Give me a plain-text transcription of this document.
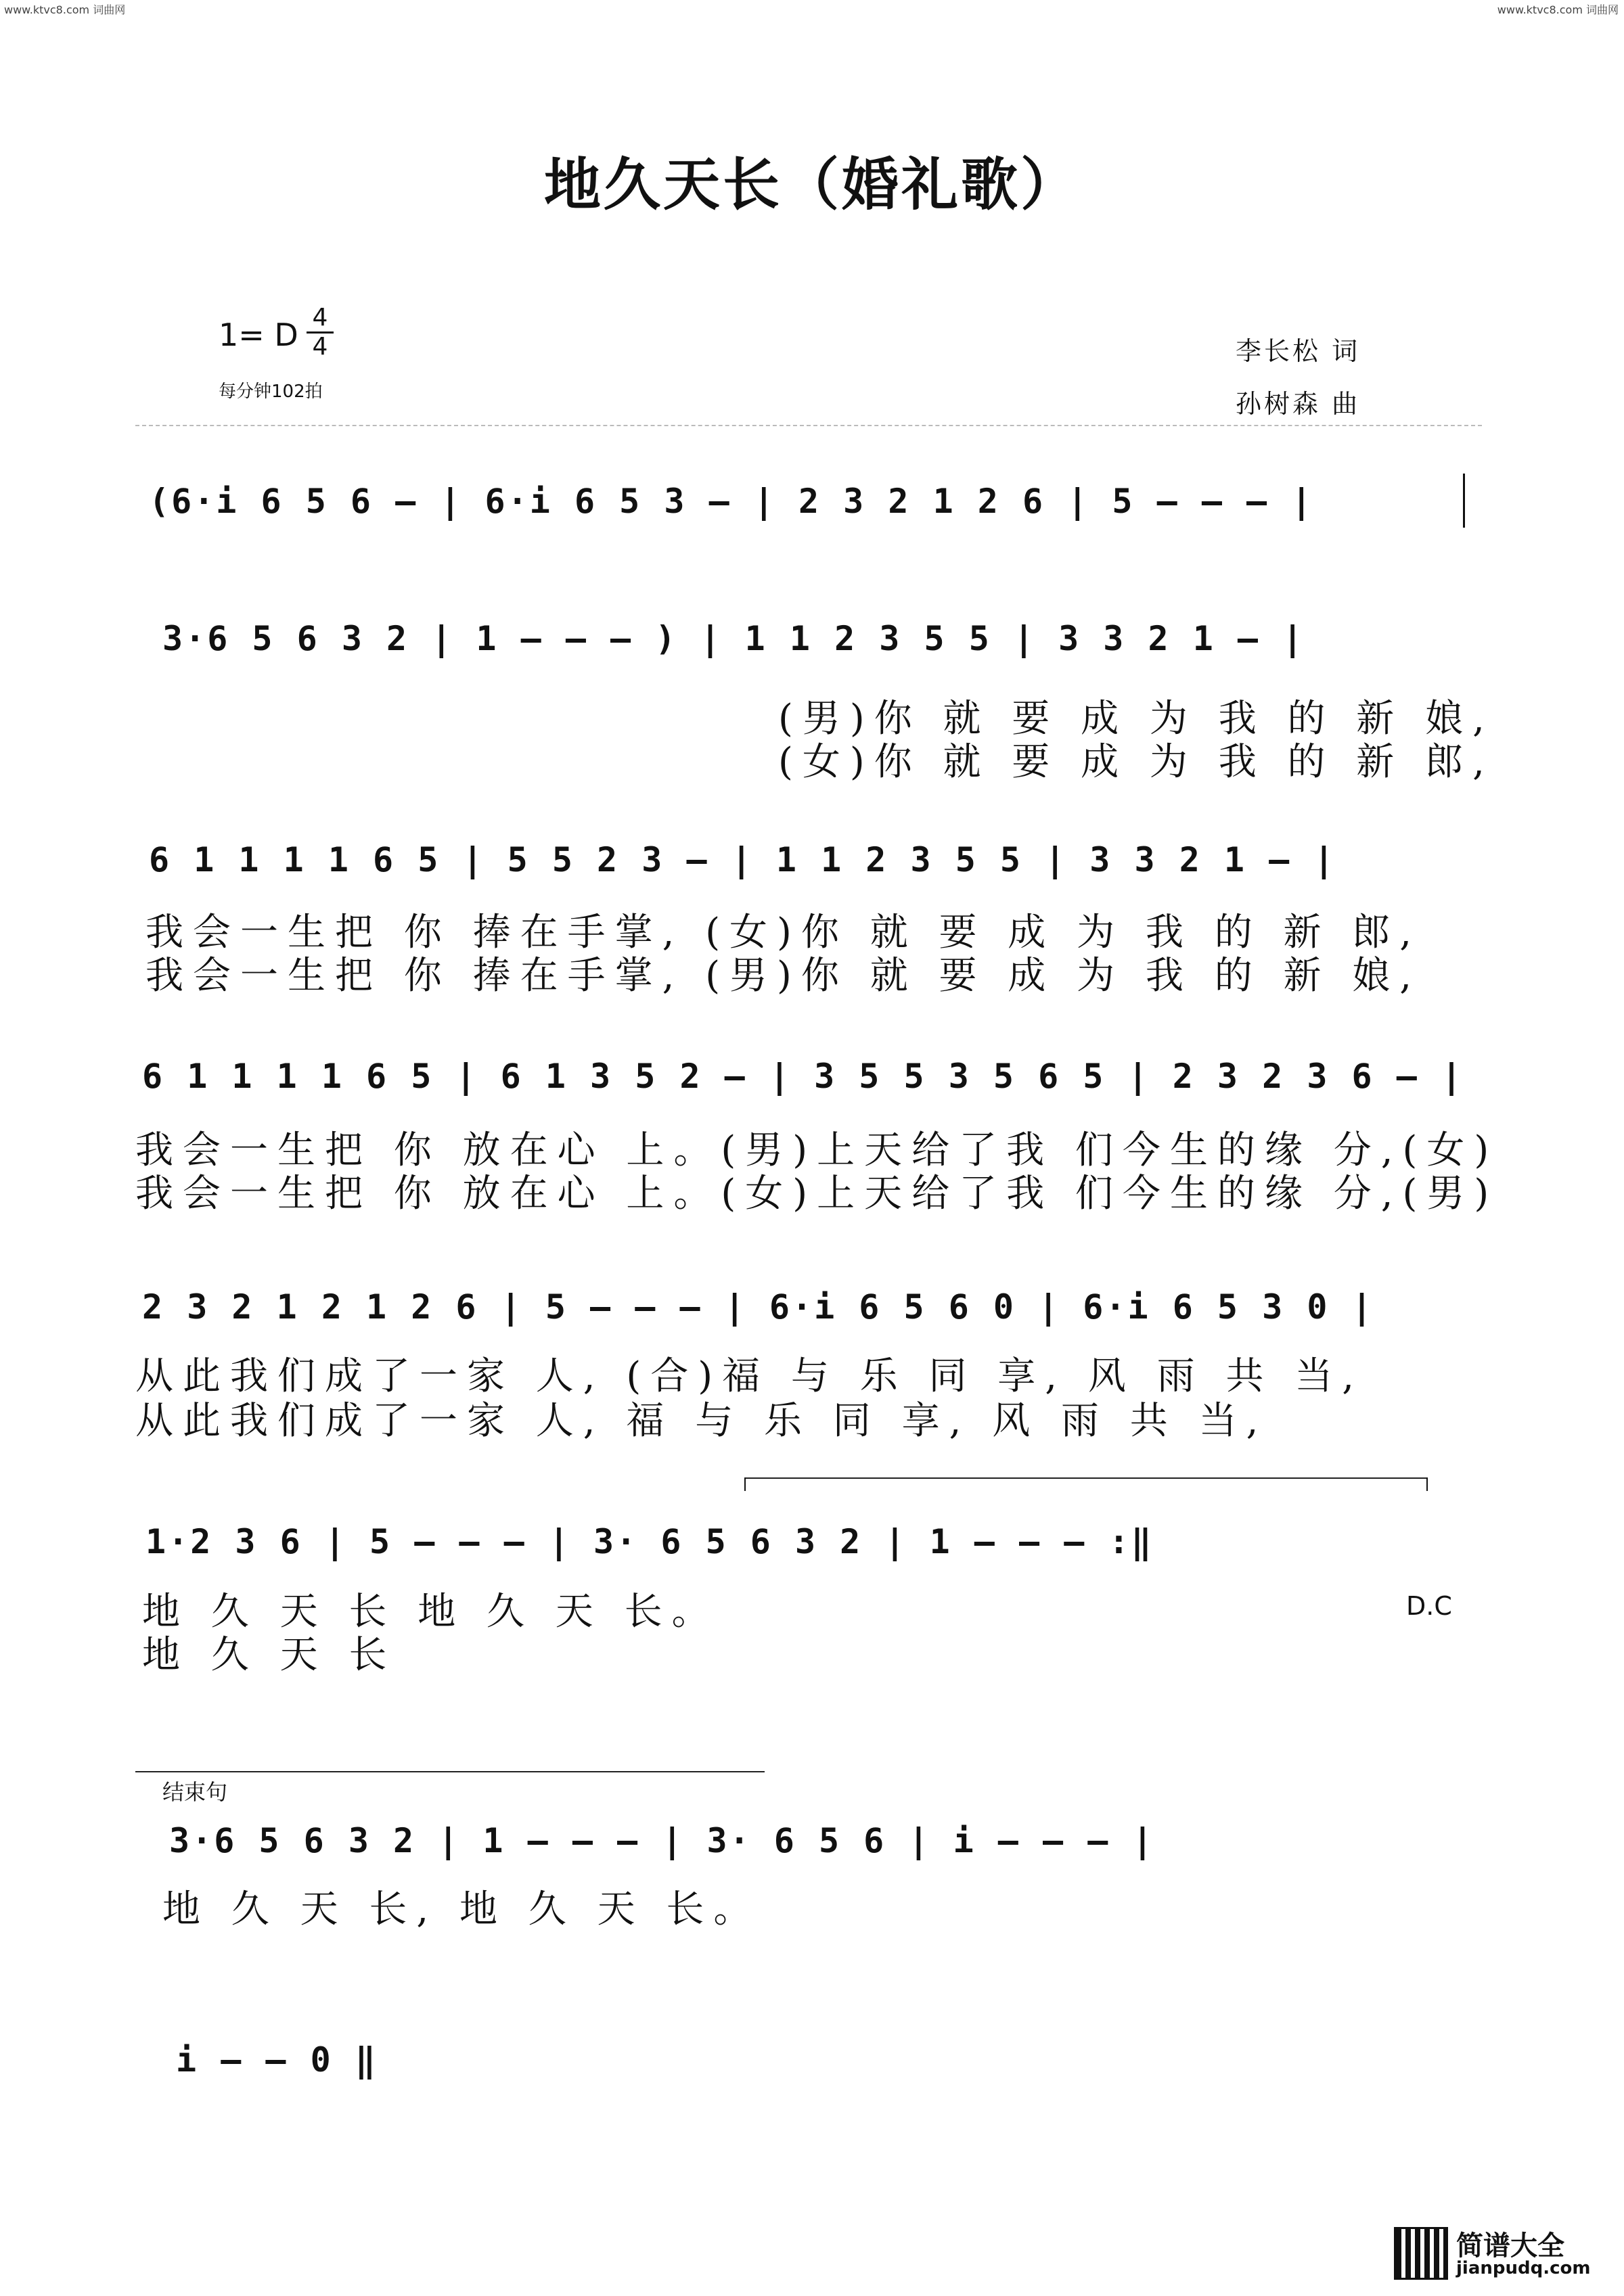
www.ktvc8.com 词曲网	www.ktvc8.com 词曲网
地久天长（婚礼歌）
1= D 4
4
每分钟102拍
李长松 词
孙树森 曲
(6·i 6 5 6 – | 6·i 6 5 3 – | 2 3 2 1 2 6 | 5 – – – |
3·6 5 6 3 2 | 1 – – – ) | 1 1 2 3 5 5 | 3 3 2 1 – |
(男)你 就 要 成 为 我 的 新 娘,
(女)你 就 要 成 为 我 的 新 郎,
6 1 1 1 1 6 5 | 5 5 2 3 – | 1 1 2 3 5 5 | 3 3 2 1 – |
我会一生把 你 捧在手掌, (女)你 就 要 成 为 我 的 新 郎,
我会一生把 你 捧在手掌, (男)你 就 要 成 为 我 的 新 娘,
6 1 1 1 1 6 5 | 6 1 3 5 2 – | 3 5 5 3 5 6 5 | 2 3 2 3 6 – |
我会一生把 你 放在心 上。(男)上天给了我 们今生的缘 分,(女)
我会一生把 你 放在心 上。(女)上天给了我 们今生的缘 分,(男)
2 3 2 1 2 1 2 6 | 5 – – – | 6·i 6 5 6 0 | 6·i 6 5 3 0 |
从此我们成了一家 人, (合)福 与 乐 同 享, 风 雨 共 当,
从此我们成了一家 人, 福 与 乐 同 享, 风 雨 共 当,
1·2 3 6 | 5 – – – | 3· 6 5 6 3 2 | 1 – – – :‖
地 久 天 长 地 久 天 长。
地 久 天 长
D.C
结束句
3·6 5 6 3 2 | 1 – – – | 3· 6 5 6 | i – – – |
地 久 天 长, 地 久 天 长。
i – – 0 ‖
简谱大全
jianpudq.com
